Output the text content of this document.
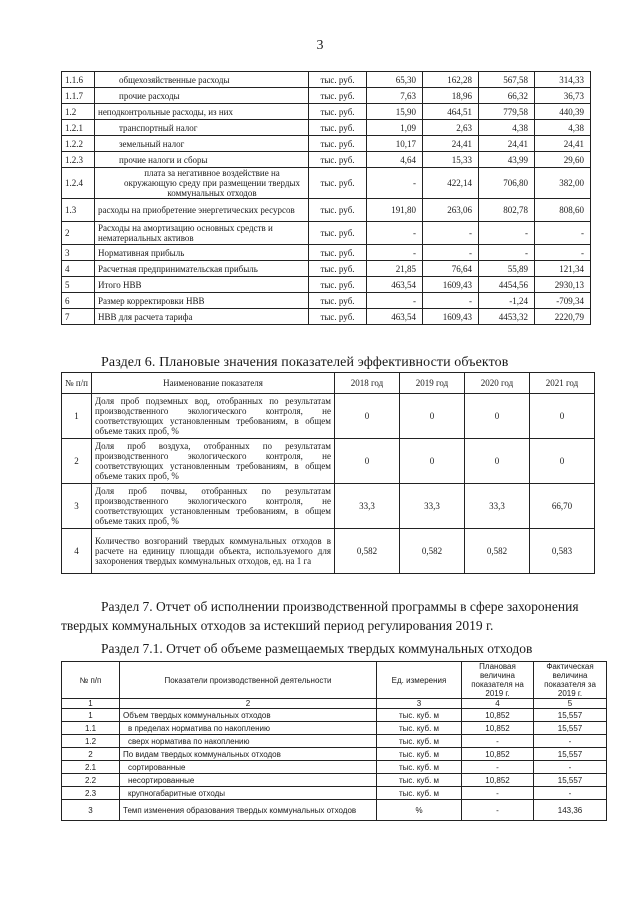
3
1.1.6	общехозяйственные расходы	тыс. руб.	65,30	162,28	567,58	314,33
1.1.7	прочие расходы	тыс. руб.	7,63	18,96	66,32	36,73
1.2	неподконтрольные расходы, из них	тыс. руб.	15,90	464,51	779,58	440,39
1.2.1	транспортный налог	тыс. руб.	1,09	2,63	4,38	4,38
1.2.2	земельный налог	тыс. руб.	10,17	24,41	24,41	24,41
1.2.3	прочие налоги и сборы	тыс. руб.	4,64	15,33	43,99	29,60
1.2.4	плата за негативное воздействие на окружающую среду при размещении твердых коммунальных отходов	тыс. руб.	-	422,14	706,80	382,00
1.3	расходы на приобретение энергетических ресурсов	тыс. руб.	191,80	263,06	802,78	808,60
2	Расходы на амортизацию основных средств и нематериальных активов	тыс. руб.	-	-	-	-
3	Нормативная прибыль	тыс. руб.	-	-	-	-
4	Расчетная предпринимательская прибыль	тыс. руб.	21,85	76,64	55,89	121,34
5	Итого НВВ	тыс. руб.	463,54	1609,43	4454,56	2930,13
6	Размер корректировки НВВ	тыс. руб.	-	-	-1,24	-709,34
7	НВВ для расчета тарифа	тыс. руб.	463,54	1609,43	4453,32	2220,79
Раздел 6. Плановые значения показателей эффективности объектов
№ п/п	Наименование показателя	2018 год	2019 год	2020 год	2021 год
1	Доля проб подземных вод, отобранных по результатам производственного экологического контроля, не соответствующих установленным требованиям, в общем объеме таких проб, %	0	0	0	0
2	Доля проб воздуха, отобранных по результатам производственного экологического контроля, не соответствующих установленным требованиям, в общем объеме таких проб, %	0	0	0	0
3	Доля проб почвы, отобранных по результатам производственного экологического контроля, не соответствующих установленным требованиям, в общем объеме таких проб, %	33,3	33,3	33,3	66,70
4	Количество возгораний твердых коммунальных отходов в расчете на единицу площади объекта, используемого для захоронения твердых коммунальных отходов, ед. на 1 га	0,582	0,582	0,582	0,583
Раздел 7. Отчет об исполнении производственной программы в сфере захоронения твердых коммунальных отходов за истекший период регулирования 2019 г.
Раздел 7.1. Отчет об объеме размещаемых твердых коммунальных отходов
№ п/п	Показатели производственной деятельности	Ед. измерения	Плановая величина показателя на 2019 г.	Фактическая величина показателя за 2019 г.
1	2	3	4	5
1	Объем твердых коммунальных отходов	тыс. куб. м	10,852	15,557
1.1	в пределах норматива по накоплению	тыс. куб. м	10,852	15,557
1.2	сверх норматива по накоплению	тыс. куб. м	-	-
2	По видам твердых коммунальных отходов	тыс. куб. м	10,852	15,557
2.1	сортированные	тыс. куб. м	-	-
2.2	несортированные	тыс. куб. м	10,852	15,557
2.3	крупногабаритные отходы	тыс. куб. м	-	-
3	Темп изменения образования твердых коммунальных отходов	%	-	143,36
